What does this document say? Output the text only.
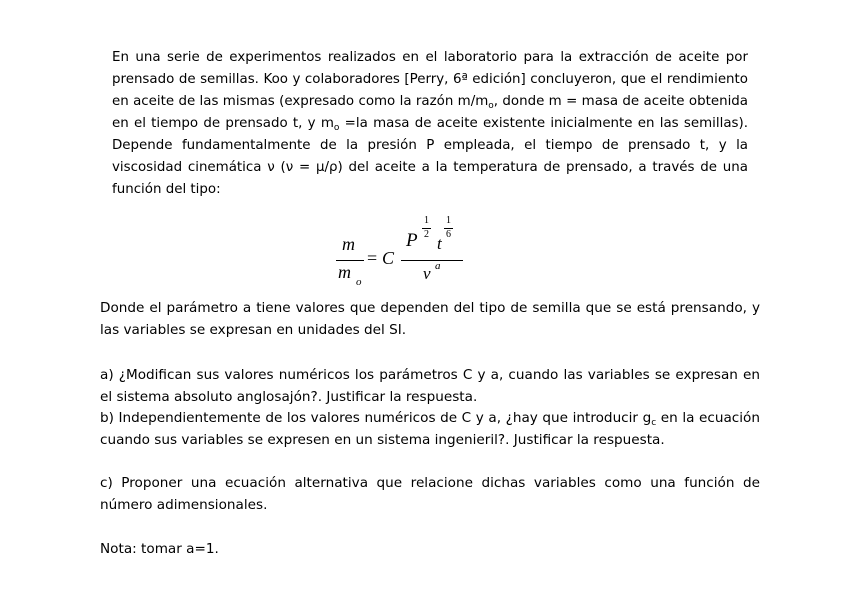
En una serie de experimentos realizados en el laboratorio para la extracción de aceite por prensado de semillas. Koo y colaboradores [Perry, 6ª edición] concluyeron, que el rendimiento en aceite de las mismas (expresado como la razón $m/m_o$, donde m = masa de aceite obtenida en el tiempo de prensado t, y $m_o =la$ masa de aceite existente inicialmente en las semillas). Depende fundamentalmente de la presión P empleada, el tiempo de prensado t, y la viscosidad cinemática ν (ν = μ/ρ) del aceite a la temperatura de prensado, a través de una función del tipo:

m
m o
= C
P
1
2 t
1
6
ν a

Donde el parámetro a tiene valores que dependen del tipo de semilla que se está prensando, y las variables se expresan en unidades del SI.

a) ¿Modifican sus valores numéricos los parámetros C y a, cuando las variables se expresan en el sistema absoluto anglosajón?. Justificar la respuesta.

b) Independientemente de los valores numéricos de C y a, ¿hay que introducir $g_c$ en la ecuación cuando sus variables se expresen en un sistema ingenieril?. Justificar la respuesta.

c) Proponer una ecuación alternativa que relacione dichas variables como una función de número adimensionales.

Nota: tomar a=1.
